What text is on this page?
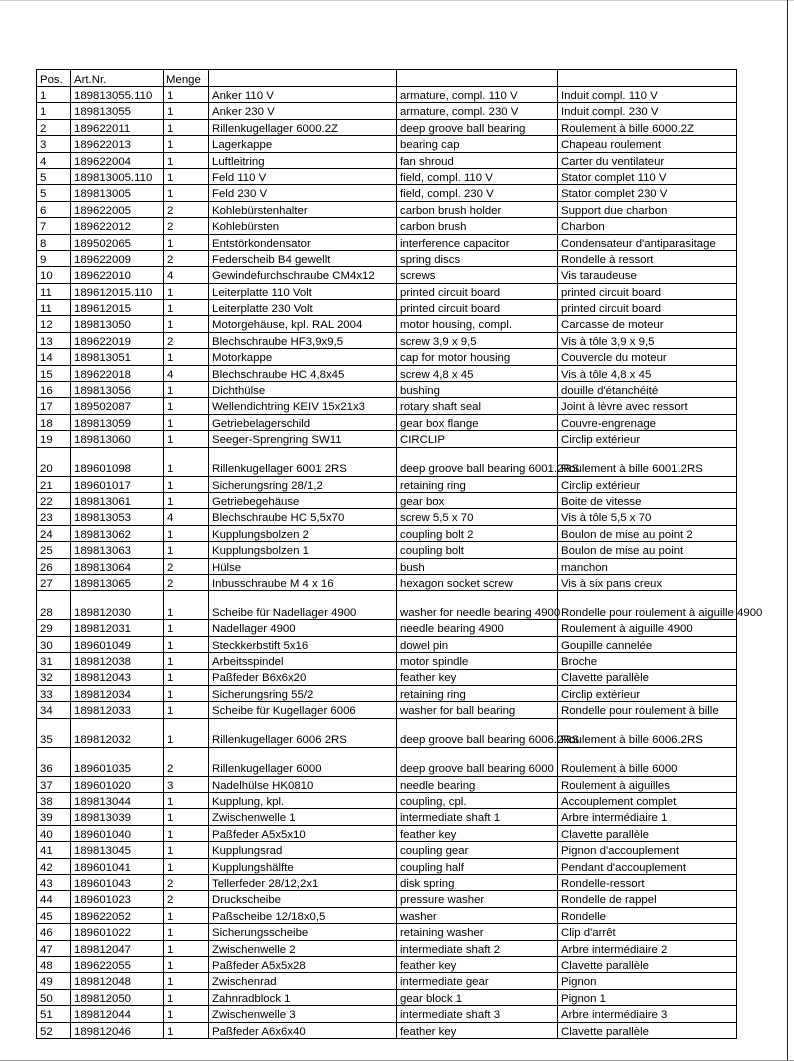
Pos.	Art.Nr.	Menge			
1	189813055.110	1	Anker 110 V	armature, compl. 110 V	Induit compl. 110 V
1	189813055	1	Anker 230 V	armature, compl. 230 V	Induit compl. 230 V
2	189622011	1	Rillenkugellager 6000.2Z	deep groove ball bearing	Roulement à bille 6000.2Z
3	189622013	1	Lagerkappe	bearing cap	Chapeau roulement
4	189622004	1	Luftleitring	fan shroud	Carter du ventilateur
5	189813005.110	1	Feld 110 V	field, compl. 110 V	Stator complet 110 V
5	189813005	1	Feld 230 V	field, compl. 230 V	Stator complet 230 V
6	189622005	2	Kohlebürstenhalter	carbon brush holder	Support due charbon
7	189622012	2	Kohlebürsten	carbon brush	Charbon
8	189502065	1	Entstörkondensator	interference capacitor	Condensateur d'antiparasitage
9	189622009	2	Federscheib B4 gewellt	spring discs	Rondelle à ressort
10	189622010	4	Gewindefurchschraube CM4x12	screws	Vis taraudeuse
11	189612015.110	1	Leiterplatte 110 Volt	printed circuit board	printed circuit board
11	189612015	1	Leiterplatte 230 Volt	printed circuit board	printed circuit board
12	189813050	1	Motorgehäuse, kpl. RAL 2004	motor housing, compl.	Carcasse de moteur
13	189622019	2	Blechschraube HF3,9x9,5	screw 3,9 x 9,5	Vis à tôle 3,9 x 9,5
14	189813051	1	Motorkappe	cap for motor housing	Couvercle du moteur
15	189622018	4	Blechschraube HC 4,8x45	screw 4,8 x 45	Vis à tôle 4,8 x 45
16	189813056	1	Dichthülse	bushing	douille d'étanchéité
17	189502087	1	Wellendichtring KEIV 15x21x3	rotary shaft seal	Joint à lèvre avec ressort
18	189813059	1	Getriebelagerschild	gear box flange	Couvre-engrenage
19	189813060	1	Seeger-Sprengring SW11	CIRCLIP	Circlip extérieur
20	189601098	1	Rillenkugellager 6001 2RS	deep groove ball bearing 6001.2RS	Roulement à bille 6001.2RS
21	189601017	1	Sicherungsring 28/1,2	retaining ring	Circlip extérieur
22	189813061	1	Getriebegehäuse	gear box	Boite de vitesse
23	189813053	4	Blechschraube HC 5,5x70	screw 5,5 x 70	Vis à tôle 5,5 x 70
24	189813062	1	Kupplungsbolzen 2	coupling bolt 2	Boulon de mise au point 2
25	189813063	1	Kupplungsbolzen 1	coupling bolt	Boulon de mise au point
26	189813064	2	Hülse	bush	manchon
27	189813065	2	Inbusschraube M 4 x 16	hexagon socket screw	Vis à six pans creux
28	189812030	1	Scheibe für Nadellager 4900	washer for needle bearing 4900	Rondelle pour roulement à aiguille 4900
29	189812031	1	Nadellager 4900	needle bearing 4900	Roulement à aiguille 4900
30	189601049	1	Steckkerbstift 5x16	dowel pin	Goupille cannelée
31	189812038	1	Arbeitsspindel	motor spindle	Broche
32	189812043	1	Paßfeder B6x6x20	feather key	Clavette parallèle
33	189812034	1	Sicherungsring 55/2	retaining ring	Circlip extérieur
34	189812033	1	Scheibe für Kugellager 6006	washer for ball bearing	Rondelle pour roulement à bille
35	189812032	1	Rillenkugellager 6006 2RS	deep groove ball bearing 6006.2RS	Roulement à bille 6006.2RS
36	189601035	2	Rillenkugellager 6000	deep groove ball bearing 6000	Roulement à bille 6000
37	189601020	3	Nadelhülse HK0810	needle bearing	Roulement à aiguilles
38	189813044	1	Kupplung, kpl.	coupling, cpl.	Accouplement complet
39	189813039	1	Zwischenwelle 1	intermediate shaft 1	Arbre intermédiaire 1
40	189601040	1	Paßfeder A5x5x10	feather key	Clavette parallèle
41	189813045	1	Kupplungsrad	coupling gear	Pignon d'accouplement
42	189601041	1	Kupplungshälfte	coupling half	Pendant d'accouplement
43	189601043	2	Tellerfeder 28/12,2x1	disk spring	Rondelle-ressort
44	189601023	2	Druckscheibe	pressure washer	Rondelle de rappel
45	189622052	1	Paßscheibe 12/18x0,5	washer	Rondelle
46	189601022	1	Sicherungsscheibe	retaining washer	Clip d'arrêt
47	189812047	1	Zwischenwelle 2	intermediate shaft 2	Arbre intermédiaire 2
48	189622055	1	Paßfeder A5x5x28	feather key	Clavette parallèle
49	189812048	1	Zwischenrad	intermediate gear	Pignon
50	189812050	1	Zahnradblock 1	gear block 1	Pignon 1
51	189812044	1	Zwischenwelle 3	intermediate shaft 3	Arbre intermédiaire 3
52	189812046	1	Paßfeder A6x6x40	feather key	Clavette parallèle
